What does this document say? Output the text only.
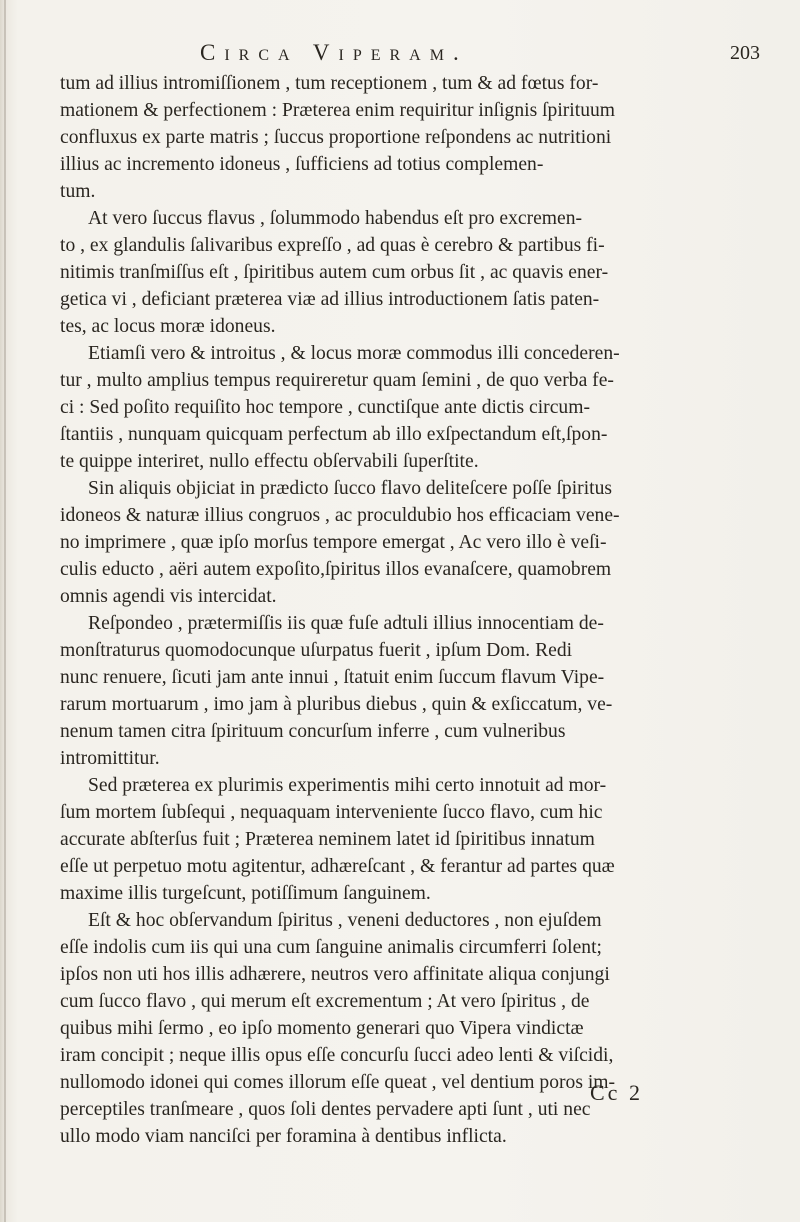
Circa Viperam.	203
tum ad illius intromiſſionem , tum receptionem , tum & ad fœtus for-
mationem & perfectionem : Præterea enim requiritur inſignis ſpirituum
confluxus ex parte matris ; ſuccus proportione reſpondens ac nutritioni
illius ac incremento idoneus , ſufficiens ad totius complemen-
tum.
At vero ſuccus flavus , ſolummodo habendus eſt pro excremen-
to , ex glandulis ſalivaribus expreſſo , ad quas è cerebro & partibus fi-
nitimis tranſmiſſus eſt , ſpiritibus autem cum orbus ſit , ac quavis ener-
getica vi , deficiant præterea viæ ad illius introductionem ſatis paten-
tes, ac locus moræ idoneus.
Etiamſi vero & introitus , & locus moræ commodus illi concederen-
tur , multo amplius tempus requireretur quam ſemini , de quo verba fe-
ci : Sed poſito requiſito hoc tempore , cunctiſque ante dictis circum-
ſtantiis , nunquam quicquam perfectum ab illo exſpectandum eſt,ſpon-
te quippe interiret, nullo effectu obſervabili ſuperſtite.
Sin aliquis objiciat in prædicto ſucco flavo deliteſcere poſſe ſpiritus
idoneos & naturæ illius congruos , ac proculdubio hos efficaciam vene-
no imprimere , quæ ipſo morſus tempore emergat , Ac vero illo è veſi-
culis educto , aëri autem expoſito,ſpiritus illos evanaſcere, quamobrem
omnis agendi vis intercidat.
Reſpondeo , prætermiſſis iis quæ fuſe adtuli illius innocentiam de-
monſtraturus quomodocunque uſurpatus fuerit , ipſum Dom. Redi
nunc renuere, ſicuti jam ante innui , ſtatuit enim ſuccum flavum Vipe-
rarum mortuarum , imo jam à pluribus diebus , quin & exſiccatum, ve-
nenum tamen citra ſpirituum concurſum inferre , cum vulneribus
intromittitur.
Sed præterea ex plurimis experimentis mihi certo innotuit ad mor-
ſum mortem ſubſequi , nequaquam interveniente ſucco flavo, cum hic
accurate abſterſus fuit ; Præterea neminem latet id ſpiritibus innatum
eſſe ut perpetuo motu agitentur, adhæreſcant , & ferantur ad partes quæ
maxime illis turgeſcunt, potiſſimum ſanguinem.
Eſt & hoc obſervandum ſpiritus , veneni deductores , non ejuſdem
eſſe indolis cum iis qui una cum ſanguine animalis circumferri ſolent;
ipſos non uti hos illis adhærere, neutros vero affinitate aliqua conjungi
cum ſucco flavo , qui merum eſt excrementum ; At vero ſpiritus , de
quibus mihi ſermo , eo ipſo momento generari quo Vipera vindictæ
iram concipit ; neque illis opus eſſe concurſu ſucci adeo lenti & viſcidi,
nullomodo idonei qui comes illorum eſſe queat , vel dentium poros im-
perceptiles tranſmeare , quos ſoli dentes pervadere apti ſunt , uti nec
ullo modo viam nanciſci per foramina à dentibus inflicta.
Cc 2
